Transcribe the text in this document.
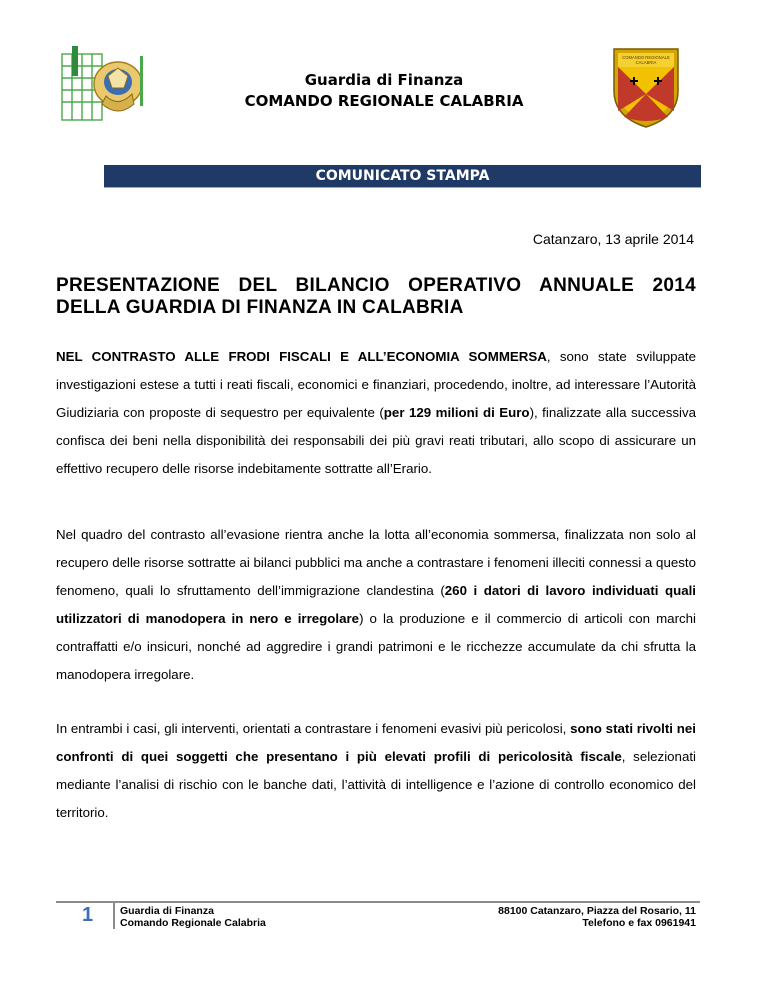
Guardia di Finanza
COMANDO REGIONALE CALABRIA
COMANDO REGIONALE
CALABRIA
COMUNICATO STAMPA
Catanzaro, 13 aprile 2014
PRESENTAZIONE DEL BILANCIO OPERATIVO ANNUALE 2014 DELLA GUARDIA DI FINANZA IN CALABRIA
NEL CONTRASTO ALLE FRODI FISCALI E ALL’ECONOMIA SOMMERSA, sono state sviluppate investigazioni estese a tutti i reati fiscali, economici e finanziari, procedendo, inoltre, ad interessare l’Autorità Giudiziaria con proposte di sequestro per equivalente (per 129 milioni di Euro), finalizzate alla successiva confisca dei beni nella disponibilità dei responsabili dei più gravi reati tributari, allo scopo di assicurare un effettivo recupero delle risorse indebitamente sottratte all’Erario.
Nel quadro del contrasto all’evasione rientra anche la lotta all’economia sommersa, finalizzata non solo al recupero delle risorse sottratte ai bilanci pubblici ma anche a contrastare i fenomeni illeciti connessi a questo fenomeno, quali lo sfruttamento dell’immigrazione clandestina (260 i datori di lavoro individuati quali utilizzatori di manodopera in nero e irregolare) o la produzione e il commercio di articoli con marchi contraffatti e/o insicuri, nonché ad aggredire i grandi patrimoni e le ricchezze accumulate da chi sfrutta la manodopera irregolare.
In entrambi i casi, gli interventi, orientati a contrastare i fenomeni evasivi più pericolosi, sono stati rivolti nei confronti di quei soggetti che presentano i più elevati profili di pericolosità fiscale, selezionati mediante l’analisi di rischio con le banche dati, l’attività di intelligence e l’azione di controllo economico del territorio.
1	Guardia di Finanza
Comando Regionale Calabria
88100 Catanzaro, Piazza del Rosario, 11
Telefono e fax 0961941
